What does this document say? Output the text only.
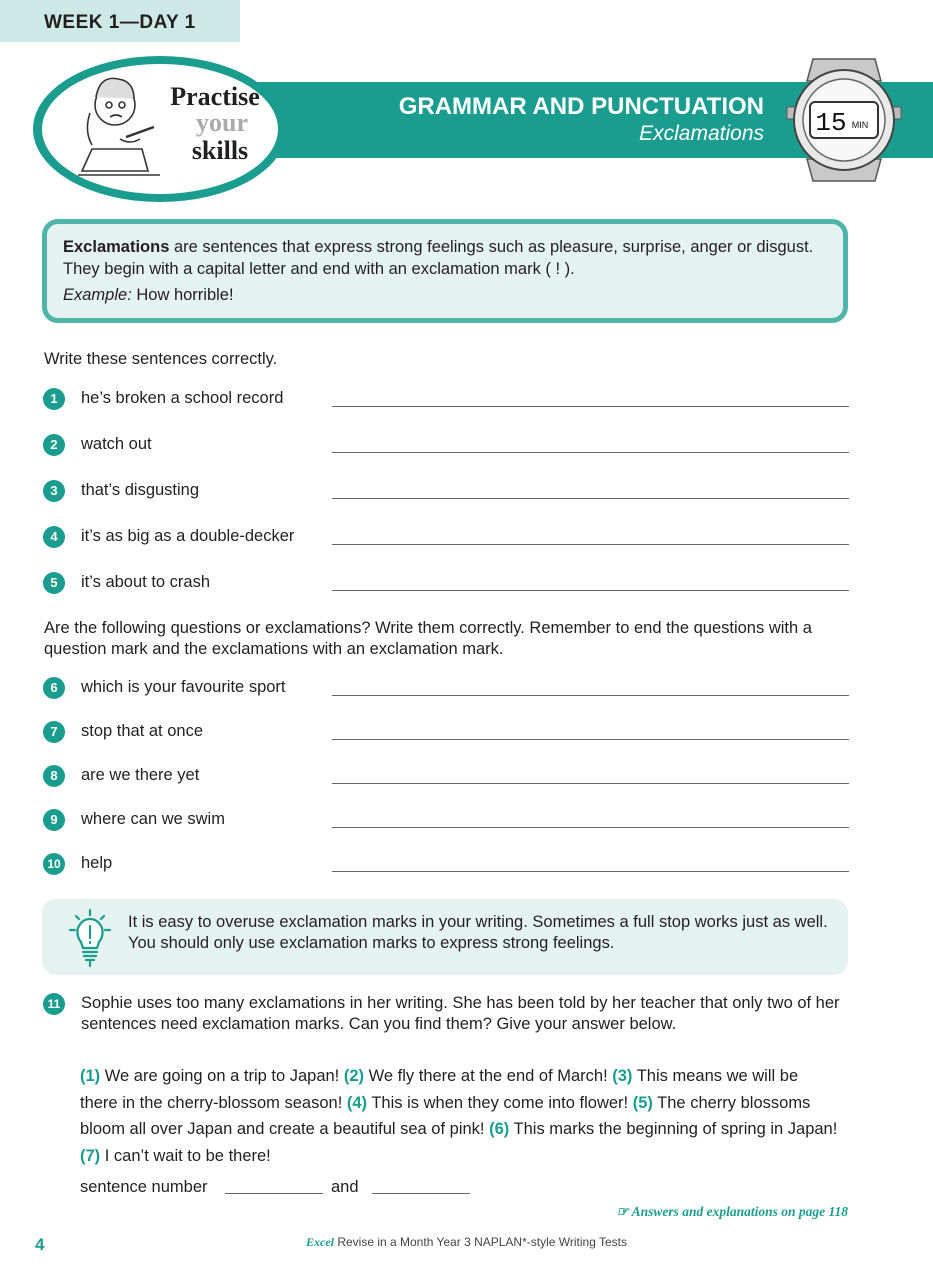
WEEK 1—DAY 1
Practise
your
skills
GRAMMAR AND PUNCTUATION
Exclamations 15 MIN
Exclamations are sentences that express strong feelings such as pleasure, surprise, anger or disgust. They begin with a capital letter and end with an exclamation mark ( ! ).
Example: How horrible!
Write these sentences correctly.
1	he’s broken a school record
2	watch out
3	that’s disgusting
4	it’s as big as a double-decker
5	it’s about to crash
Are the following questions or exclamations? Write them correctly. Remember to end the questions with a question mark and the exclamations with an exclamation mark.
6	which is your favourite sport
7	stop that at once
8	are we there yet
9	where can we swim
10 help
It is easy to overuse exclamation marks in your writing. Sometimes a full stop works just as well. You should only use exclamation marks to express strong feelings.
11 Sophie uses too many exclamations in her writing. She has been told by her teacher that only two of her sentences need exclamation marks. Can you find them? Give your answer below.
(1) We are going on a trip to Japan! (2) We fly there at the end of March! (3) This means we will be there in the cherry-blossom season! (4) This is when they come into flower! (5) The cherry blossoms bloom all over Japan and create a beautiful sea of pink! (6) This marks the beginning of spring in Japan! (7) I can’t wait to be there!
sentence number	and
☞ Answers and explanations on page 118
4	Excel Revise in a Month Year 3 NAPLAN*-style Writing Tests
